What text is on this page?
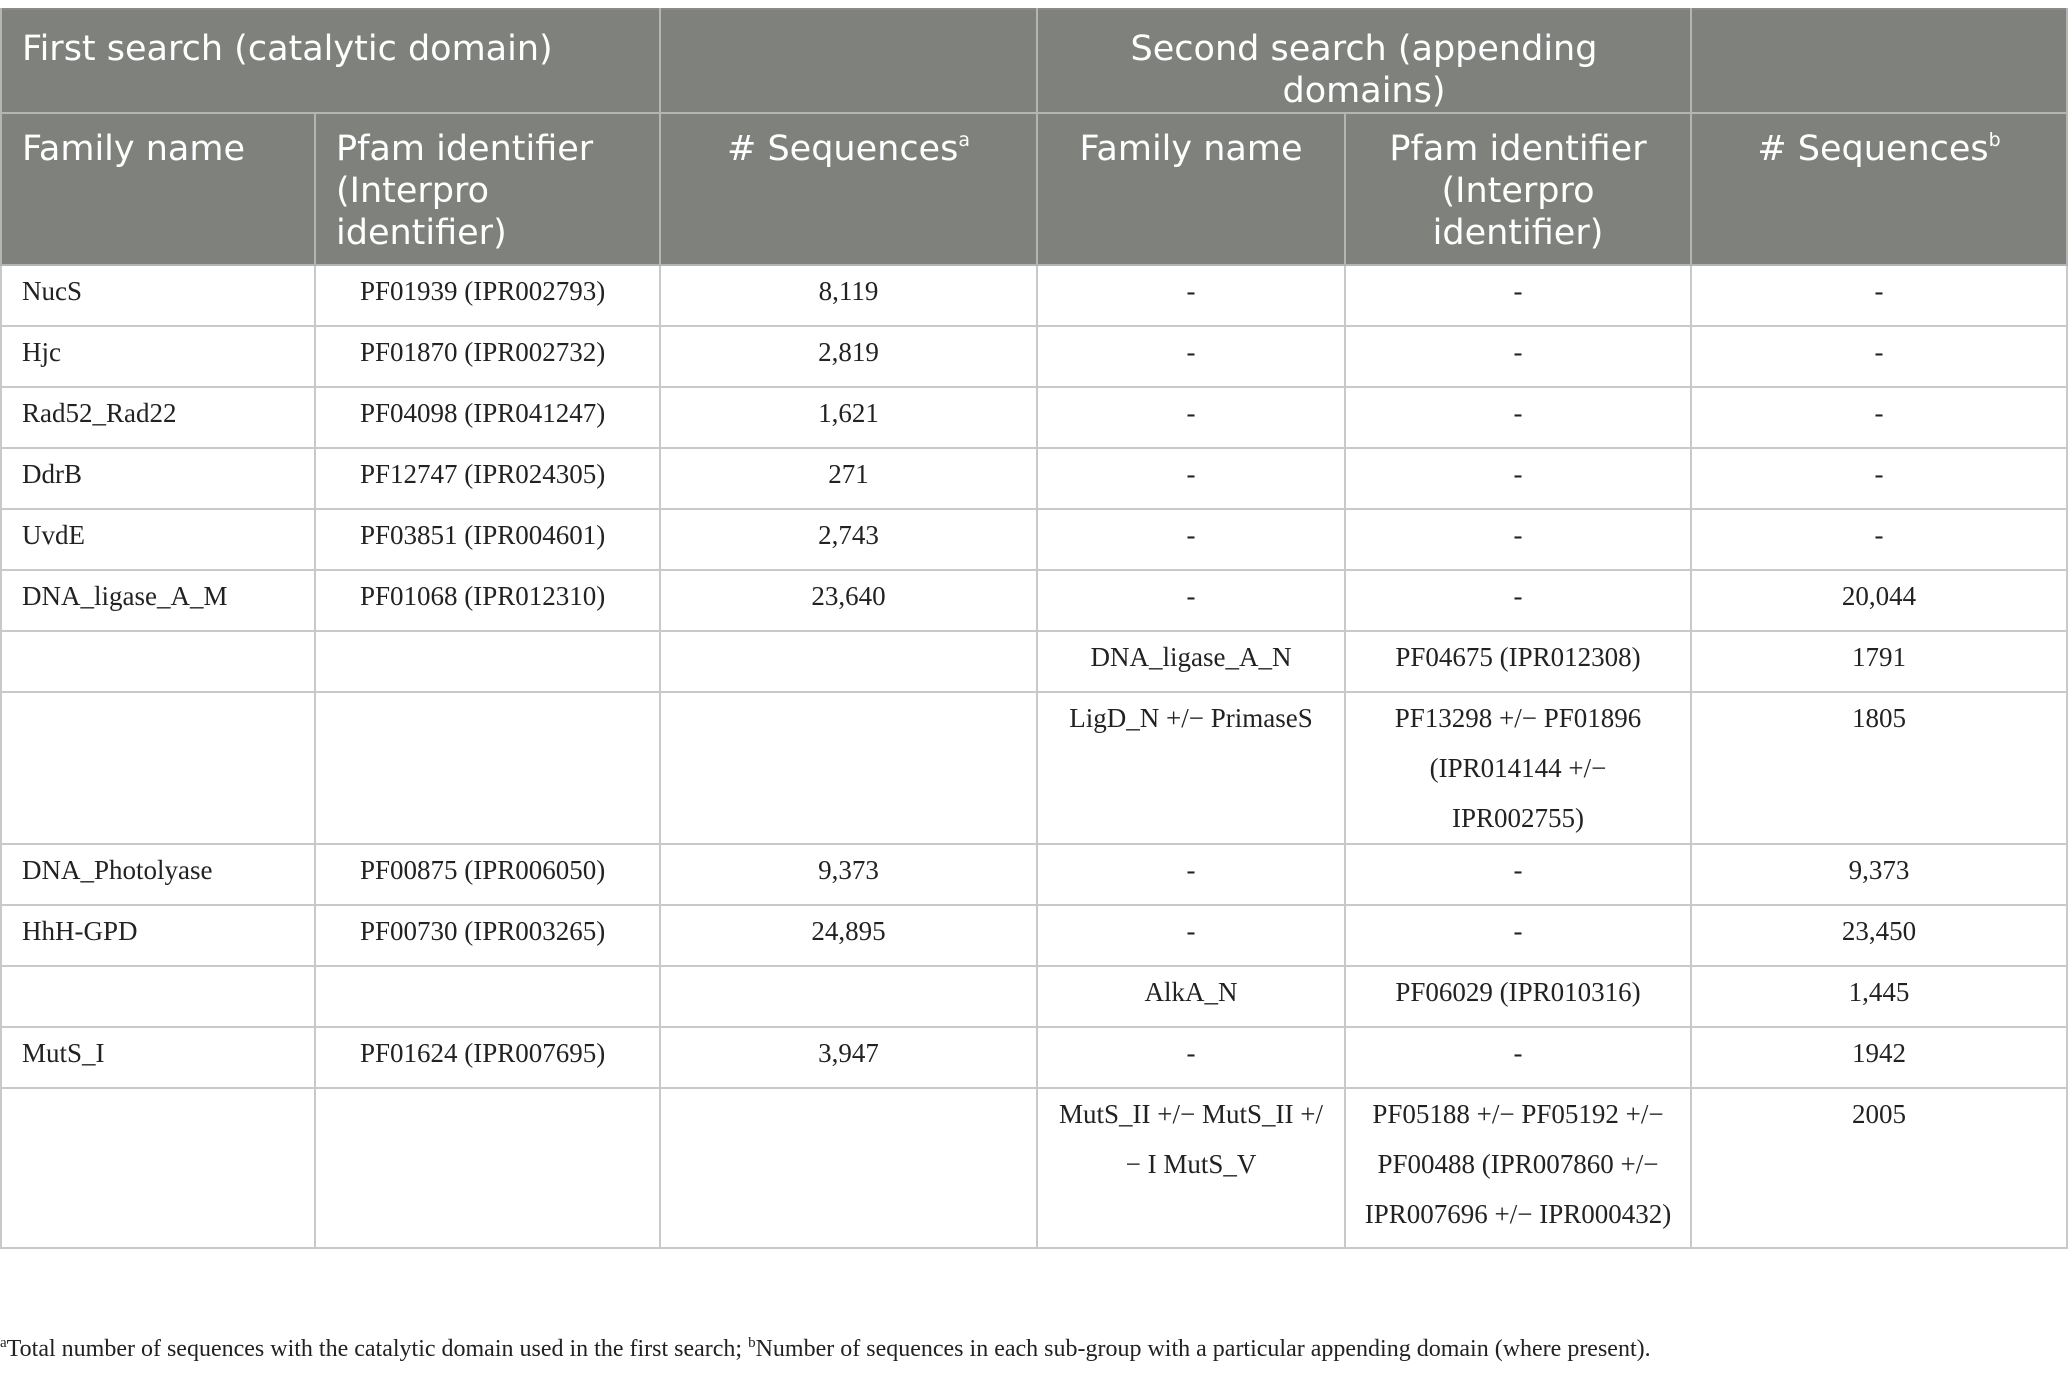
First search (catalytic domain)			Second search (appending domains)		
Family name	Pfam identifier (Interpro identifier)	# Sequences$^a$	Family name	Pfam identifier (Interpro identifier)	# Sequences$^b$
NucS	PF01939 (IPR002793)	8,119	-	-	-
Hjc	PF01870 (IPR002732)	2,819	-	-	-
Rad52_Rad22	PF04098 (IPR041247)	1,621	-	-	-
DdrB	PF12747 (IPR024305)	271	-	-	-
UvdE	PF03851 (IPR004601)	2,743	-	-	-
DNA_ligase_A_M	PF01068 (IPR012310)	23,640	-	-	20,044
			DNA_ligase_A_N	PF04675 (IPR012308)	1791
			LigD_N +/− PrimaseS	PF13298 +/− PF01896 (IPR014144 +/− IPR002755)	1805
DNA_Photolyase	PF00875 (IPR006050)	9,373	-	-	9,373
HhH-GPD	PF00730 (IPR003265)	24,895	-	-	23,450
			AlkA_N	PF06029 (IPR010316)	1,445
MutS_I	PF01624 (IPR007695)	3,947	-	-	1942
			MutS_II +/− MutS_II +/− I MutS_V	PF05188 +/− PF05192 +/− PF00488 (IPR007860 +/− IPR007696 +/− IPR000432)	2005
$^a$Total number of sequences with the catalytic domain used in the first search; $^b$Number of sequences in each sub-group with a particular appending domain (where present).
